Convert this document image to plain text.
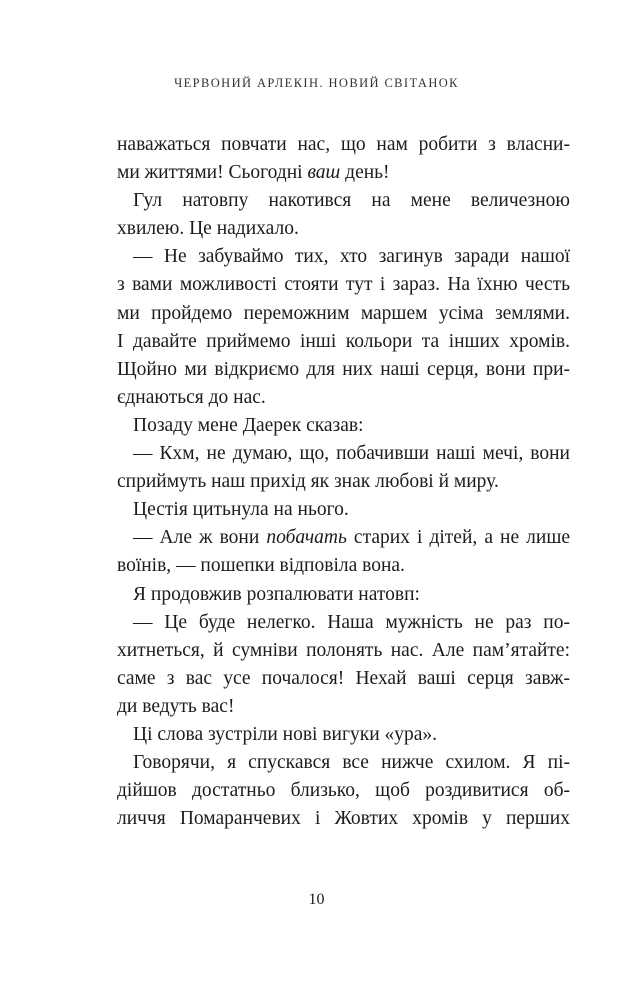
ЧЕРВОНИЙ АРЛЕКІН. НОВИЙ СВІТАНОК
наважаться повчати нас, що нам робити з власни-
ми життями! Сьогодні ваш день!
Гул натовпу накотився на мене величезною
хвилею. Це надихало.
— Не забуваймо тих, хто загинув заради нашої
з вами можливості стояти тут і зараз. На їхню честь
ми пройдемо переможним маршем усіма землями.
І давайте приймемо інші кольори та інших хромів.
Щойно ми відкриємо для них наші серця, вони при-
єднаються до нас.
Позаду мене Даерек сказав:
— Кхм, не думаю, що, побачивши наші мечі, вони
сприймуть наш прихід як знак любові й миру.
Цестія цитьнула на нього.
— Але ж вони побачать старих і дітей, а не лише
воїнів, — пошепки відповіла вона.
Я продовжив розпалювати натовп:
— Це буде нелегко. Наша мужність не раз по-
хитнеться, й сумніви полонять нас. Але пам’ятайте:
саме з вас усе почалося! Нехай ваші серця завж-
ди ведуть вас!
Ці слова зустріли нові вигуки «ура».
Говорячи, я спускався все нижче схилом. Я пі-
дійшов достатньо близько, щоб роздивитися об-
личчя Помаранчевих і Жовтих хромів у перших
10
